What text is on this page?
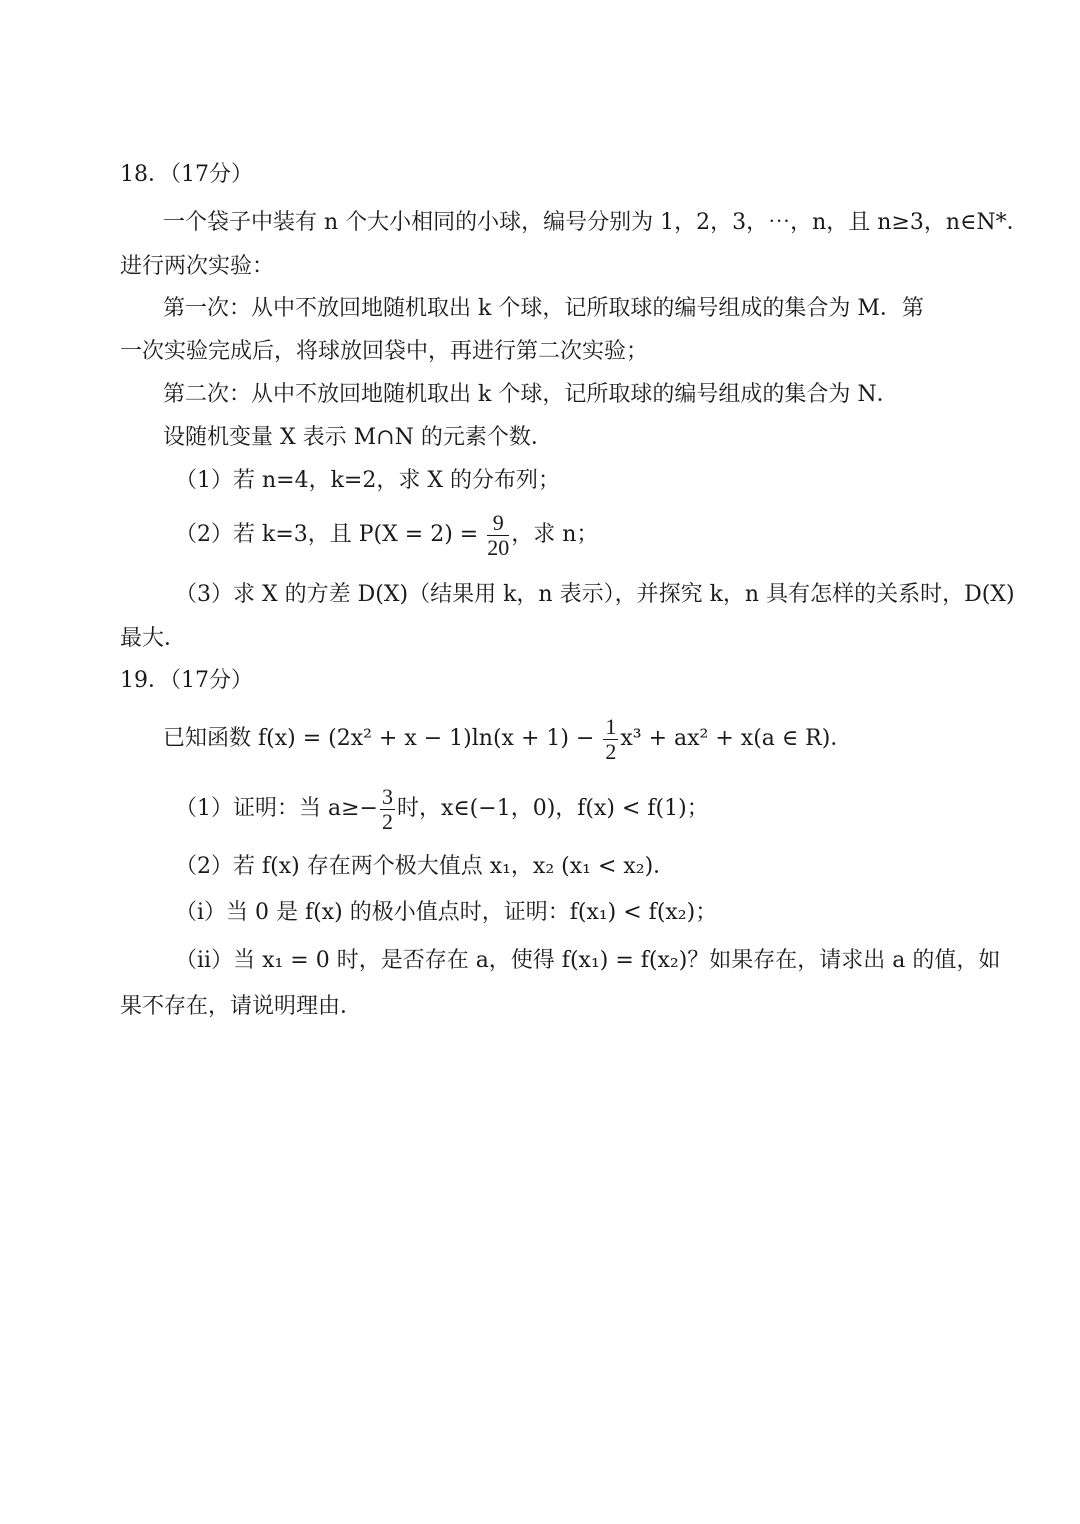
18．（17分）
一个袋子中装有 n 个大小相同的小球，编号分别为 1，2，3，⋯，n，且 n≥3，n∈N*．
进行两次实验：
第一次：从中不放回地随机取出 k 个球，记所取球的编号组成的集合为 M．第
一次实验完成后，将球放回袋中，再进行第二次实验；
第二次：从中不放回地随机取出 k 个球，记所取球的编号组成的集合为 N．
设随机变量 X 表示 M∩N 的元素个数．
（1）若 n=4，k=2，求 X 的分布列；
（2）若 k=3，且 $P(X = 2) = \frac{9}{20}$ ，求 n；
（3）求 X 的方差 D(X)（结果用 k，n 表示），并探究 k，n 具有怎样的关系时，D(X)
最大．
19．（17分）
已知函数 $f(x) = (2x^2 + x - 1)\ln(x + 1) - \frac{1}{2} x^3 + ax^2 + x(a$ ∈ R)．
（1）证明：当 $a\ge- \frac{3}{2}$ 时，x∈(−1，0)，f(x) < f(1)；
（2）若 f(x) 存在两个极大值点 x₁，x₂ (x₁ < x₂)．
（i）当 0 是 f(x) 的极小值点时，证明：f(x₁) < f(x₂)；
（ii）当 x₁ = 0 时，是否存在 a，使得 f(x₁) = f(x₂)？如果存在，请求出 a 的值，如
果不存在，请说明理由．
